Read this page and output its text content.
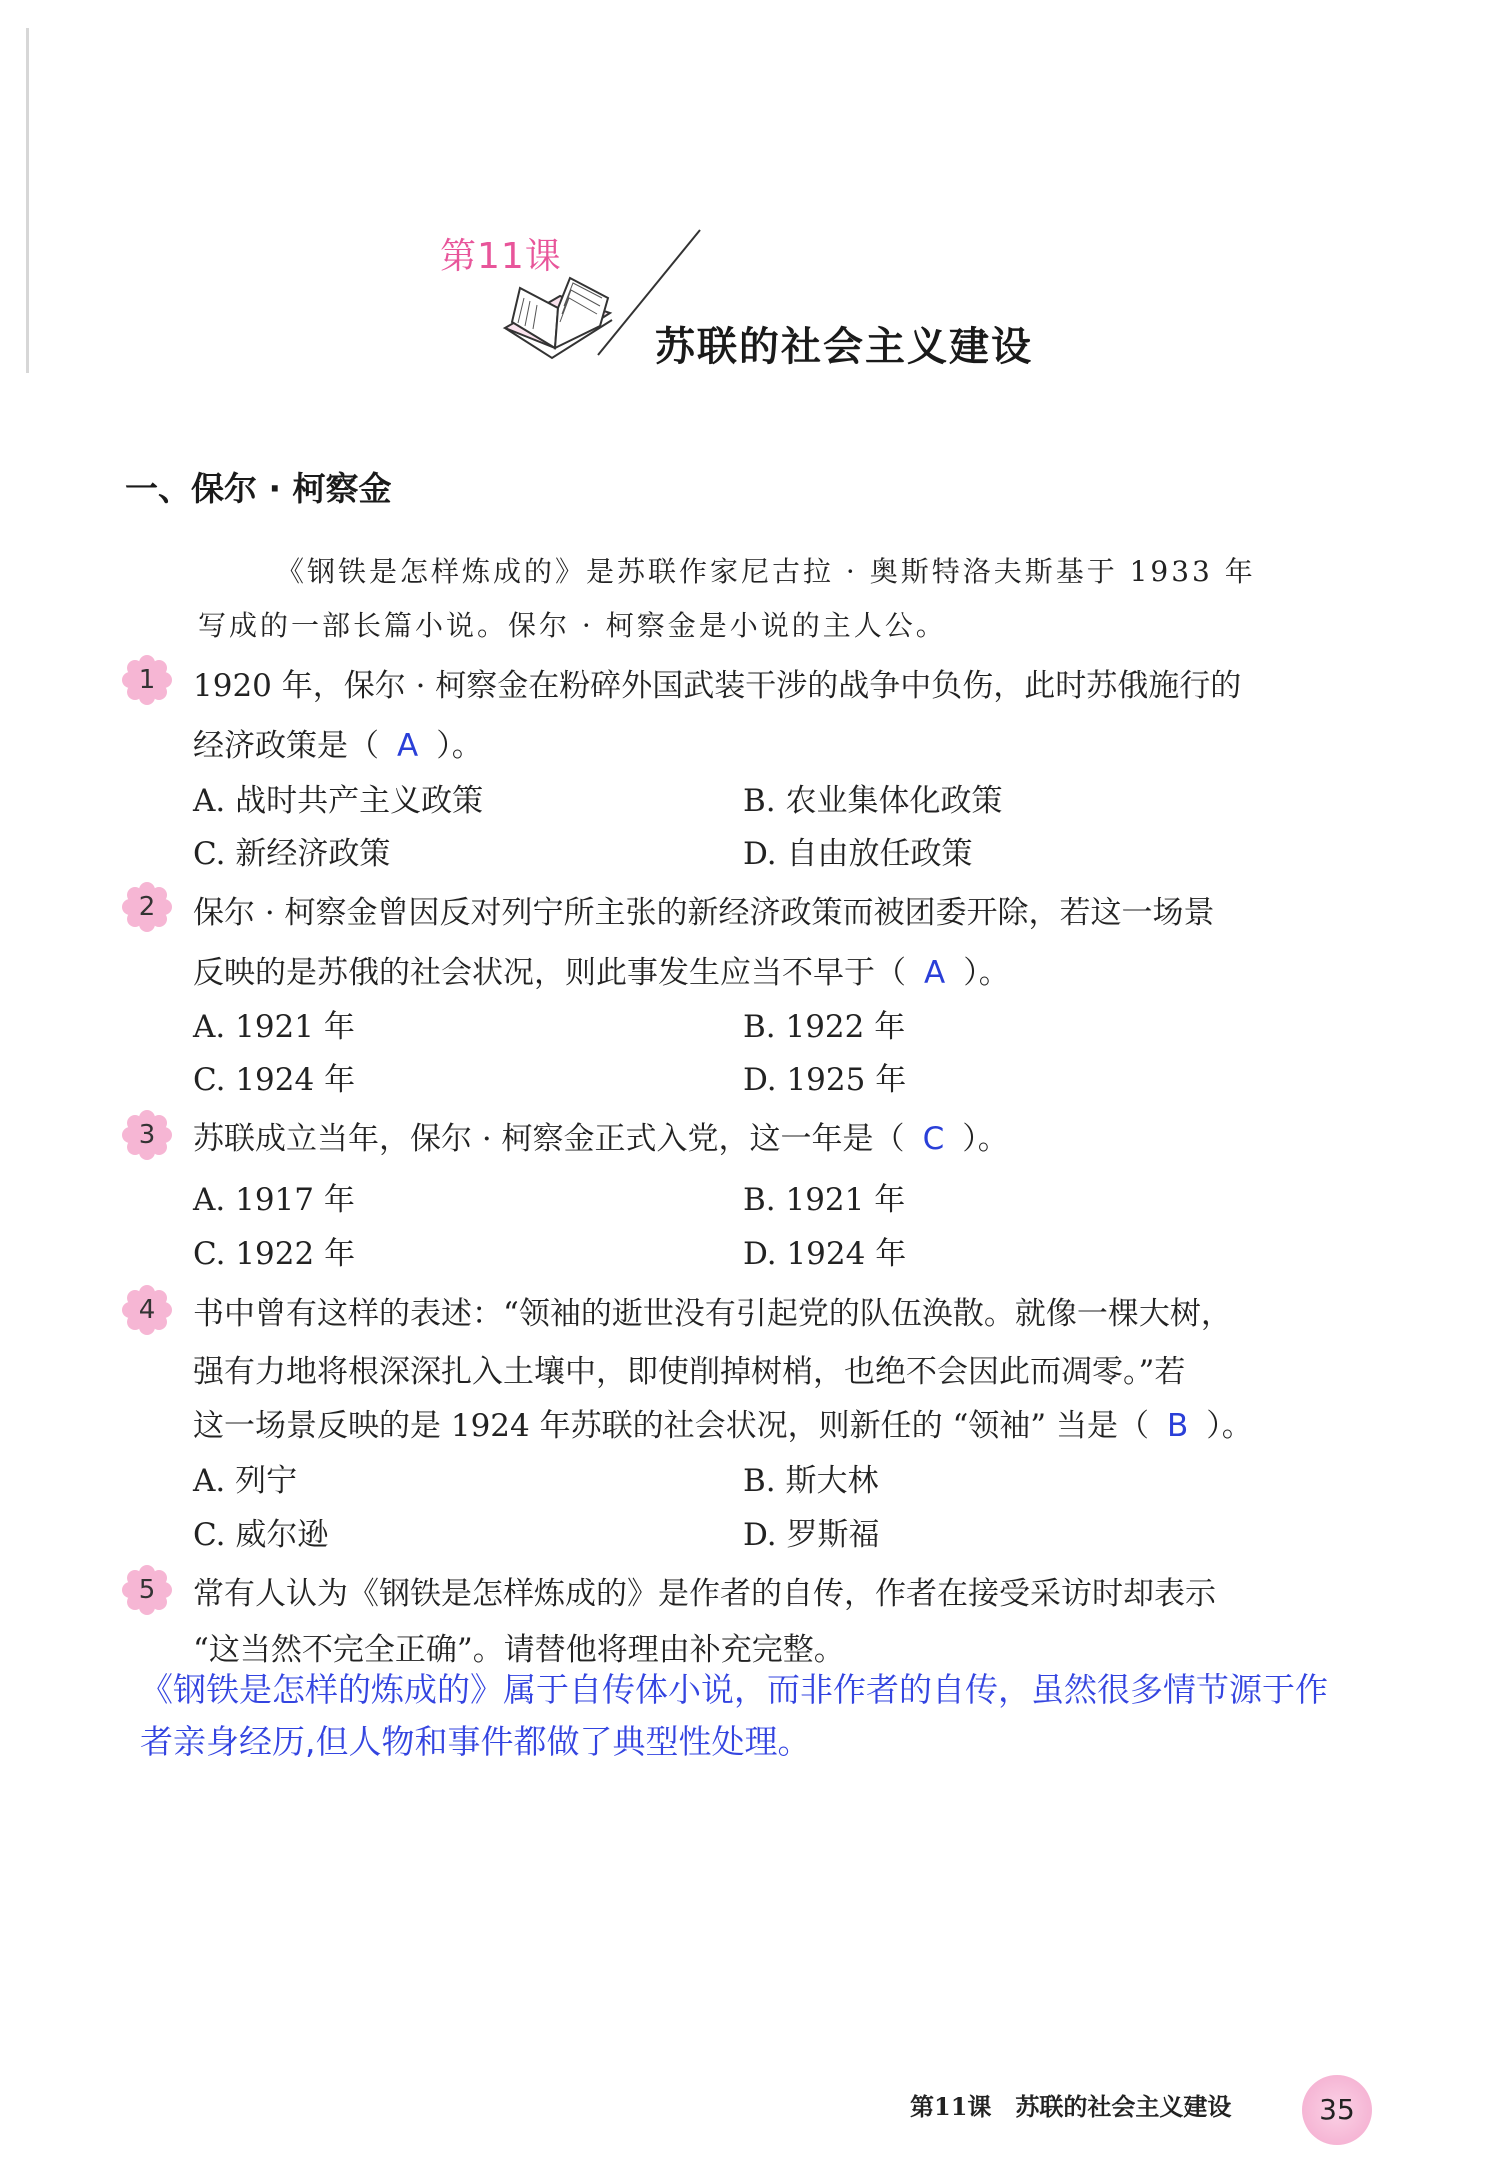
第11课
苏联的社会主义建设
一、保尔 · 柯察金
《钢铁是怎样炼成的》是苏联作家尼古拉 · 奥斯特洛夫斯基于 1933 年
写成的一部长篇小说。保尔 · 柯察金是小说的主人公。
1	1920 年，保尔 · 柯察金在粉碎外国武装干涉的战争中负伤，此时苏俄施行的
经济政策是（ A ）。
A. 战时共产主义政策	B. 农业集体化政策
C. 新经济政策	D. 自由放任政策
2	保尔 · 柯察金曾因反对列宁所主张的新经济政策而被团委开除，若这一场景
反映的是苏俄的社会状况，则此事发生应当不早于（ A ）。
A. 1921 年	B. 1922 年
C. 1924 年	D. 1925 年
3	苏联成立当年，保尔 · 柯察金正式入党，这一年是（ C ）。
A. 1917 年	B. 1921 年
C. 1922 年	D. 1924 年
4	书中曾有这样的表述：“领袖的逝世没有引起党的队伍涣散。就像一棵大树，
强有力地将根深深扎入土壤中，即使削掉树梢，也绝不会因此而凋零。”若
这一场景反映的是 1924 年苏联的社会状况，则新任的 “领袖” 当是（ B ）。
A. 列宁	B. 斯大林
C. 威尔逊	D. 罗斯福
5	常有人认为《钢铁是怎样炼成的》是作者的自传，作者在接受采访时却表示
“这当然不完全正确”。请替他将理由补充完整。
《钢铁是怎样的炼成的》属于自传体小说，而非作者的自传，虽然很多情节源于作
者亲身经历,但人物和事件都做了典型性处理。
第11课　苏联的社会主义建设	35
